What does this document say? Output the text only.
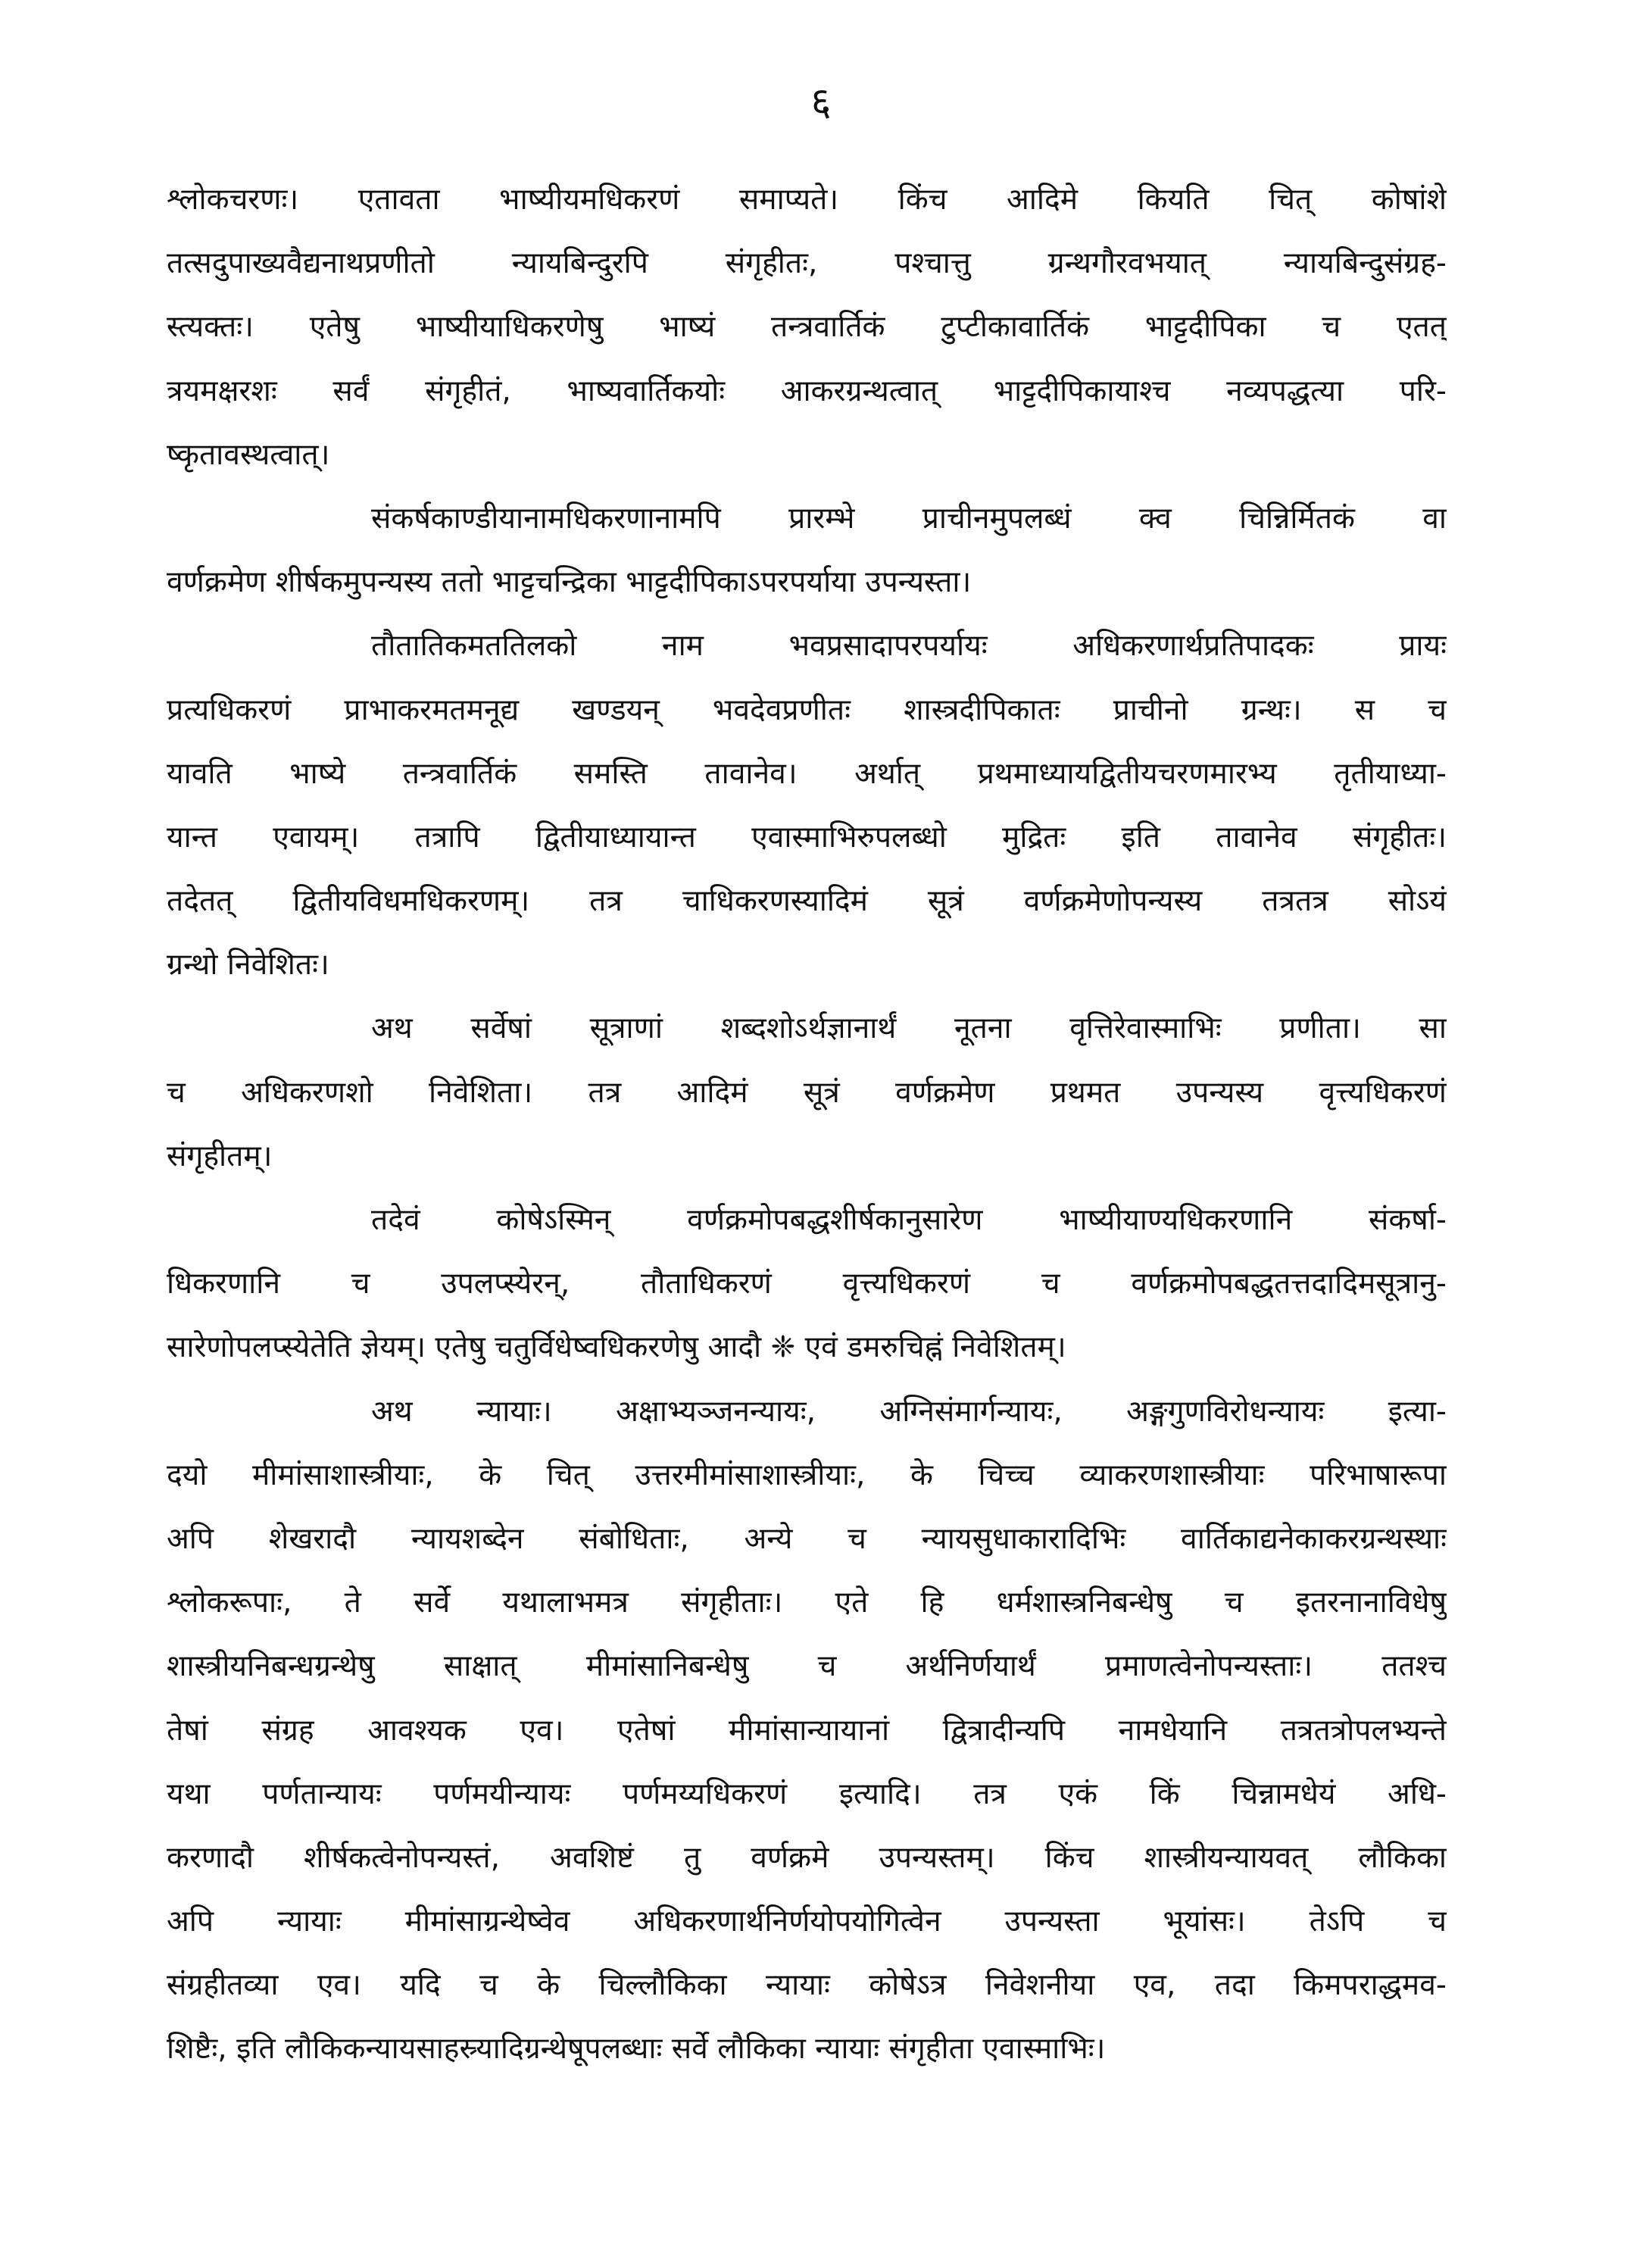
६
श्लोकचरणः। एतावता भाष्यीयमधिकरणं समाप्यते। किंच आदिमे कियति चित् कोषांशे
तत्सदुपाख्यवैद्यनाथप्रणीतो न्यायबिन्दुरपि संगृहीतः, पश्चात्तु ग्रन्थगौरवभयात् न्यायबिन्दुसंग्रह-
स्त्यक्तः। एतेषु भाष्यीयाधिकरणेषु भाष्यं तन्त्रवार्तिकं टुप्टीकावार्तिकं भाट्टदीपिका च एतत्
त्रयमक्षरशः सर्वं संगृहीतं, भाष्यवार्तिकयोः आकरग्रन्थत्वात् भाट्टदीपिकायाश्च नव्यपद्धत्या परि-
ष्कृतावस्थत्वात्।
संकर्षकाण्डीयानामधिकरणानामपि प्रारम्भे प्राचीनमुपलब्धं क्व चिन्निर्मितकं वा
वर्णक्रमेण शीर्षकमुपन्यस्य ततो भाट्टचन्द्रिका भाट्टदीपिकाऽपरपर्याया उपन्यस्ता।
तौतातिकमततिलको नाम भवप्रसादापरपर्यायः अधिकरणार्थप्रतिपादकः प्रायः
प्रत्यधिकरणं प्राभाकरमतमनूद्य खण्डयन् भवदेवप्रणीतः शास्त्रदीपिकातः प्राचीनो ग्रन्थः। स च
यावति भाष्ये तन्त्रवार्तिकं समस्ति तावानेव। अर्थात् प्रथमाध्यायद्वितीयचरणमारभ्य तृतीयाध्या-
यान्त एवायम्। तत्रापि द्वितीयाध्यायान्त एवास्माभिरुपलब्धो मुद्रितः इति तावानेव संगृहीतः।
तदेतत् द्वितीयविधमधिकरणम्। तत्र चाधिकरणस्यादिमं सूत्रं वर्णक्रमेणोपन्यस्य तत्रतत्र सोऽयं
ग्रन्थो निवेशितः।
अथ सर्वेषां सूत्राणां शब्दशोऽर्थज्ञानार्थं नूतना वृत्तिरेवास्माभिः प्रणीता। सा
च अधिकरणशो निवेशिता। तत्र आदिमं सूत्रं वर्णक्रमेण प्रथमत उपन्यस्य वृत्त्यधिकरणं
संगृहीतम्।
तदेवं कोषेऽस्मिन् वर्णक्रमोपबद्धशीर्षकानुसारेण भाष्यीयाण्यधिकरणानि संकर्षा-
धिकरणानि च उपलप्स्येरन्, तौताधिकरणं वृत्त्यधिकरणं च वर्णक्रमोपबद्धतत्तदादिमसूत्रानु-
सारेणोपलप्स्येतेति ज्ञेयम्। एतेषु चतुर्विधेष्वधिकरणेषु आदौ ❈ एवं डमरुचिह्नं निवेशितम्।
अथ न्यायाः। अक्षाभ्यञ्जनन्यायः, अग्निसंमार्गन्यायः, अङ्गगुणविरोधन्यायः इत्या-
दयो मीमांसाशास्त्रीयाः, के चित् उत्तरमीमांसाशास्त्रीयाः, के चिच्च व्याकरणशास्त्रीयाः परिभाषारूपा
अपि शेखरादौ न्यायशब्देन संबोधिताः, अन्ये च न्यायसुधाकारादिभिः वार्तिकाद्यनेकाकरग्रन्थस्थाः
श्लोकरूपाः, ते सर्वे यथालाभमत्र संगृहीताः। एते हि धर्मशास्त्रनिबन्धेषु च इतरनानाविधेषु
शास्त्रीयनिबन्धग्रन्थेषु साक्षात् मीमांसानिबन्धेषु च अर्थनिर्णयार्थं प्रमाणत्वेनोपन्यस्ताः। ततश्च
तेषां संग्रह आवश्यक एव। एतेषां मीमांसान्यायानां द्वित्रादीन्यपि नामधेयानि तत्रतत्रोपलभ्यन्ते
यथा पर्णतान्यायः पर्णमयीन्यायः पर्णमय्यधिकरणं इत्यादि। तत्र एकं किं चिन्नामधेयं अधि-
करणादौ शीर्षकत्वेनोपन्यस्तं, अवशिष्टं तु वर्णक्रमे उपन्यस्तम्। किंच शास्त्रीयन्यायवत् लौकिका
अपि न्यायाः मीमांसाग्रन्थेष्वेव अधिकरणार्थनिर्णयोपयोगित्वेन उपन्यस्ता भूयांसः। तेऽपि च
संग्रहीतव्या एव। यदि च के चिल्लौकिका न्यायाः कोषेऽत्र निवेशनीया एव, तदा किमपराद्धमव-
शिष्टैः, इति लौकिकन्यायसाहस्र्यादिग्रन्थेषूपलब्धाः सर्वे लौकिका न्यायाः संगृहीता एवास्माभिः।
